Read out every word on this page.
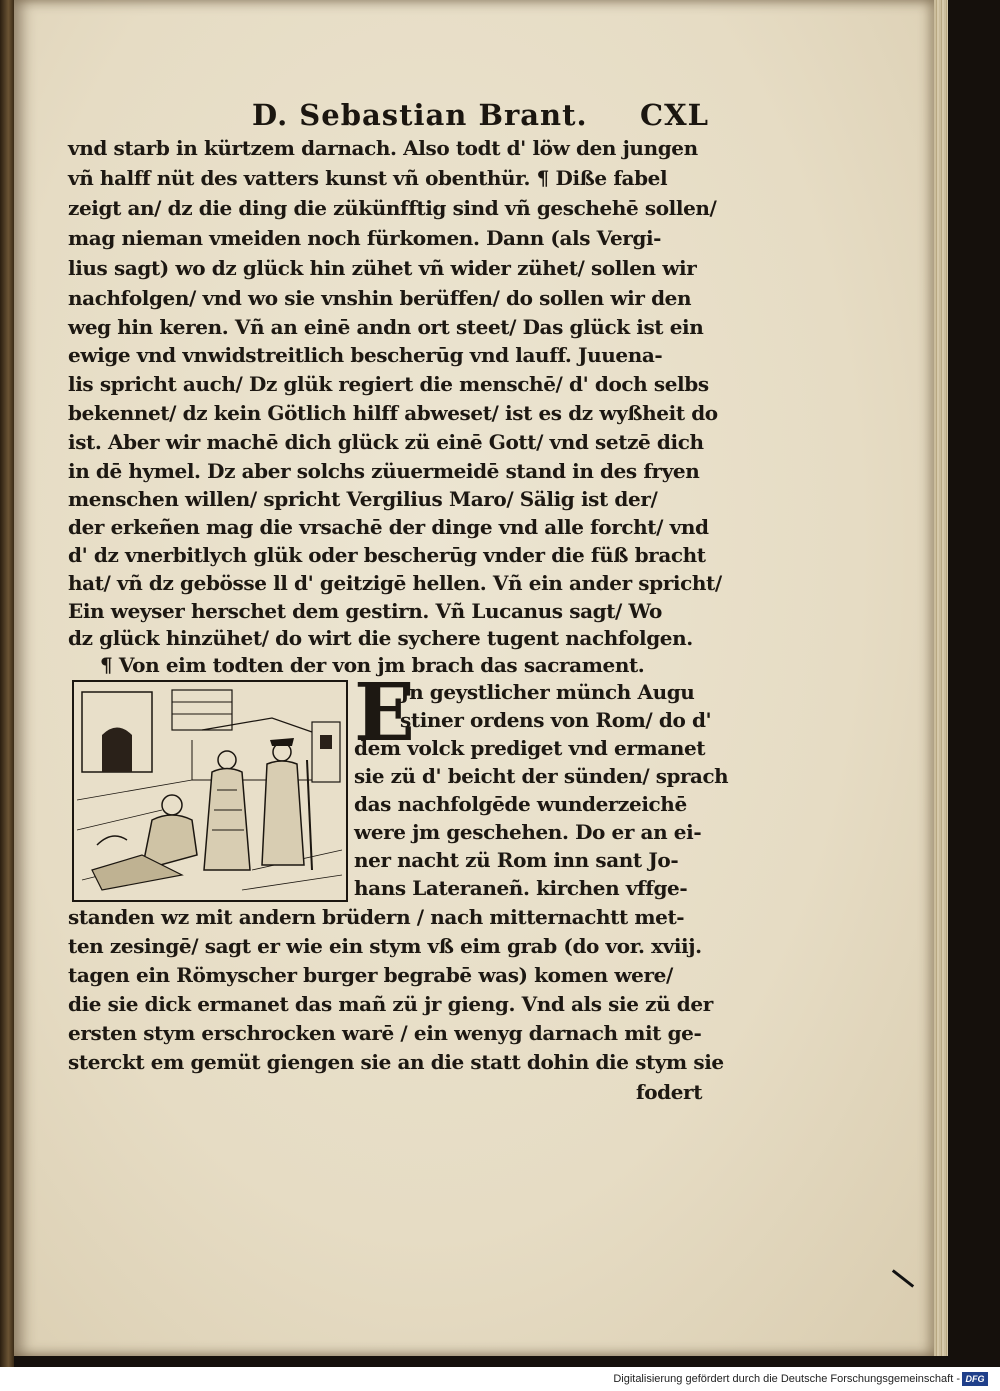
D. Sebastian Brant. CXL

vnd starb in kürtzem darnach. Also todt d' löw den jungen

vñ halff nüt des vatters kunst vñ obenthür. ¶ Diße fabel

zeigt an/ dz die ding die zükünfftig sind vñ geschehē sollen/

mag nieman vmeiden noch fürkomen. Dann (als Vergi-

lius sagt) wo dz glück hin zühet vñ wider zühet/ sollen wir

nachfolgen/ vnd wo sie vnshin berüffen/ do sollen wir den

weg hin keren. Vñ an einē andn ort steet/ Das glück ist ein

ewige vnd vnwidstreitlich bescherūg vnd lauff. Juuena-

lis spricht auch/ Dz glük regiert die menschē/ d' doch selbs

bekennet/ dz kein Götlich hilff abweset/ ist es dz wyßheit do

ist. Aber wir machē dich glück zü einē Gott/ vnd setzē dich

in dē hymel. Dz aber solchs züuermeidē stand in des fryen

menschen willen/ spricht Vergilius Maro/ Sälig ist der/

der erkeñen mag die vrsachē der dinge vnd alle forcht/ vnd

d' dz vnerbitlych glük oder bescherūg vnder die füß bracht

hat/ vñ dz gebösse ll d' geitzigē hellen. Vñ ein ander spricht/

Ein weyser herschet dem gestirn. Vñ Lucanus sagt/ Wo

dz glück hinzühet/ do wirt die sychere tugent nachfolgen.

¶ Von eim todten der von jm brach das sacrament.

E

Jn geystlicher münch Augu

stiner ordens von Rom/ do d'

dem volck prediget vnd ermanet

sie zü d' beicht der sünden/ sprach

das nachfolgēde wunderzeichē

were jm geschehen. Do er an ei-

ner nacht zü Rom inn sant Jo-

hans Lateraneñ. kirchen vffge-

standen wz mit andern brüdern / nach mitternachtt met-

ten zesingē/ sagt er wie ein stym vß eim grab (do vor. xviij.

tagen ein Römyscher burger begrabē was) komen were/

die sie dick ermanet das mañ zü jr gieng. Vnd als sie zü der

ersten stym erschrocken warē / ein wenyg darnach mit ge-

sterckt em gemüt giengen sie an die statt dohin die stym sie

fodert

Digitalisierung gefördert durch die Deutsche Forschungsgemeinschaft - DFG
